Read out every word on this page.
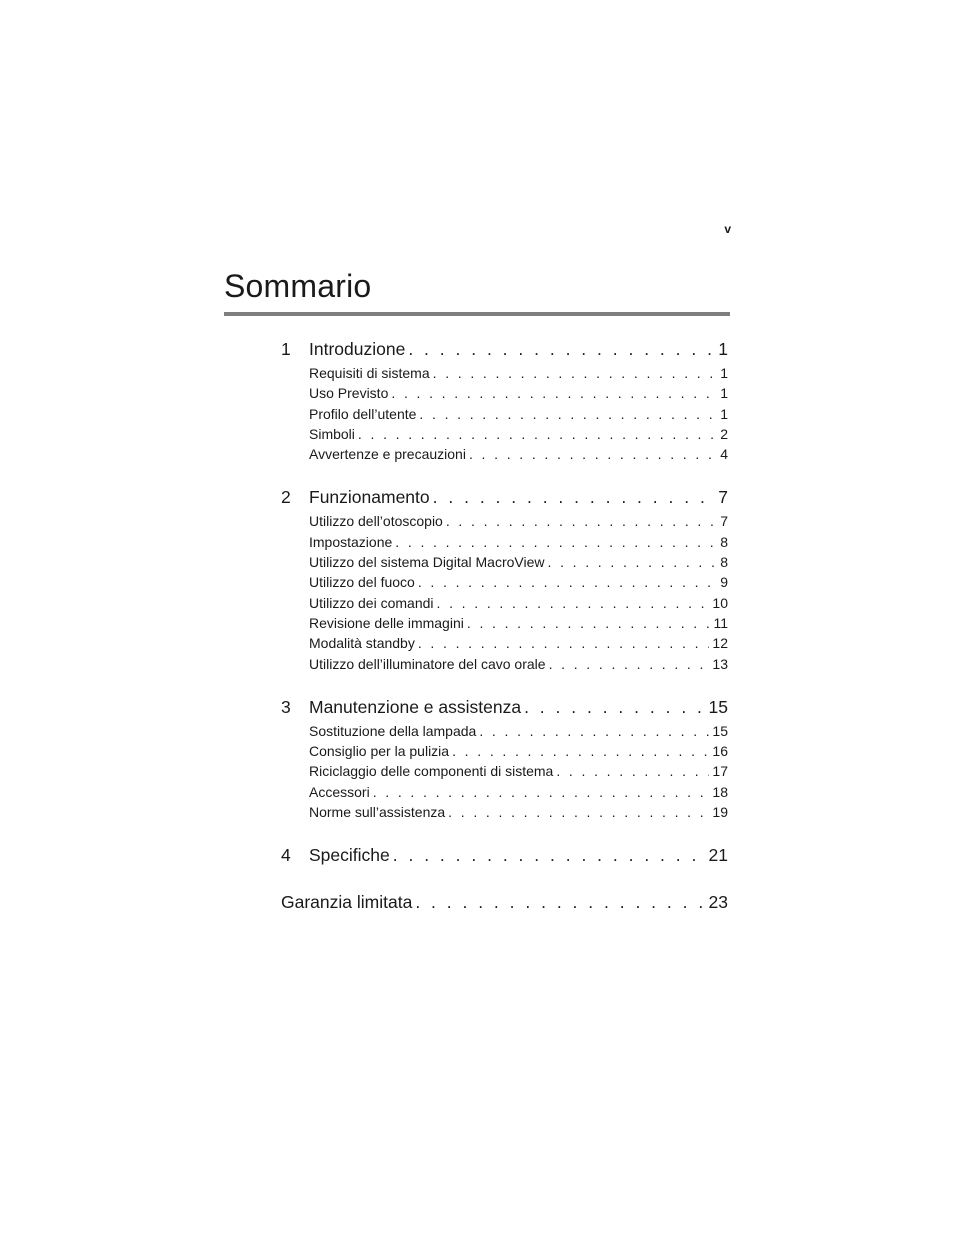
v
Sommario
1	Introduzione . . .	1
Requisiti di sistema . . .	1
Uso Previsto . . .	1
Profilo dell’utente . . .	1
Simboli . . .	2
Avvertenze e precauzioni . . .	4
2	Funzionamento . . .	7
Utilizzo dell’otoscopio . . .	7
Impostazione . . .	8
Utilizzo del sistema Digital MacroView . . .	8
Utilizzo del fuoco . . .	9
Utilizzo dei comandi . . .	10
Revisione delle immagini . . .	11
Modalità standby . . .	12
Utilizzo dell’illuminatore del cavo orale . . .	13
3	Manutenzione e assistenza . . .	15
Sostituzione della lampada . . .	15
Consiglio per la pulizia . . .	16
Riciclaggio delle componenti di sistema . . .	17
Accessori . . .	18
Norme sull’assistenza . . .	19
4	Specifiche . . .	21
Garanzia limitata . . .	23
